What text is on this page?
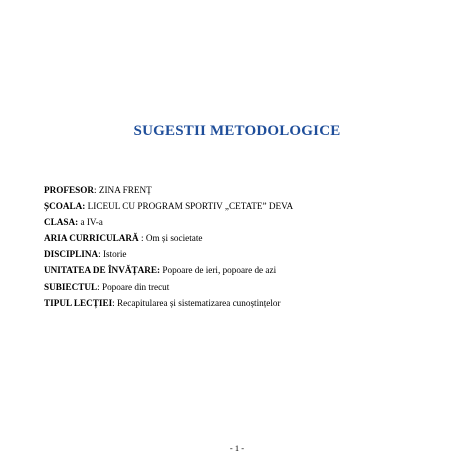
SUGESTII METODOLOGICE
PROFESOR: ZINA FRENȚ
ȘCOALA: LICEUL CU PROGRAM SPORTIV „CETATE” DEVA
CLASA: a IV-a
ARIA CURRICULARĂ : Om și societate
DISCIPLINA: Istorie
UNITATEA DE ÎNVĂȚARE: Popoare de ieri, popoare de azi
SUBIECTUL: Popoare din trecut
TIPUL LECȚIEI: Recapitularea și sistematizarea cunoștințelor
- 1 -
